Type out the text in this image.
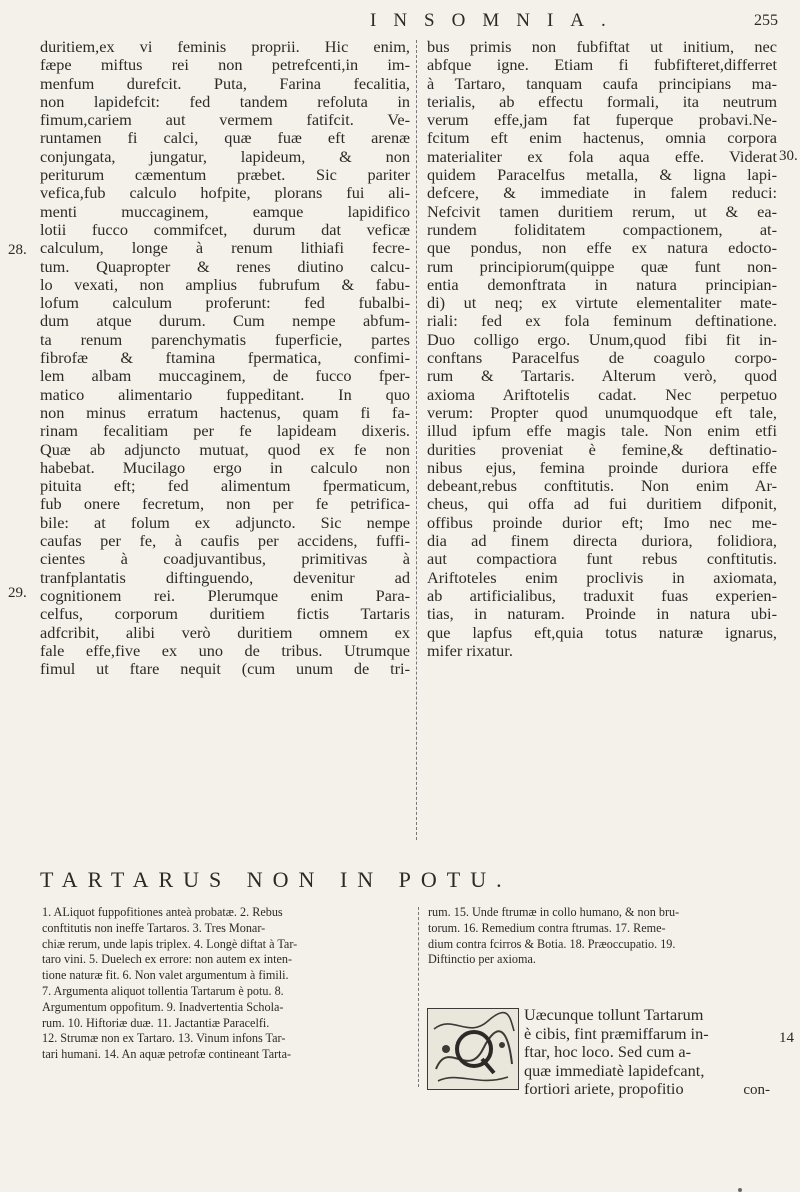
INSOMNIA.	255
duritiem,ex vi feminis proprii. Hic enim,
fæpe miftus rei non petrefcenti,in im-
menfum durefcit. Puta, Farina fecalitia,
non lapidefcit: fed tandem refoluta in
fimum,cariem aut vermem fatifcit. Ve-
runtamen fi calci, quæ fuæ eft arenæ
conjungata, jungatur, lapideum, & non
periturum cæmentum præbet. Sic pariter
vefica,fub calculo hofpite, plorans fui ali-
menti muccaginem, eamque lapidifico
lotii fucco commifcet, durum dat veficæ
calculum, longe à renum lithiafi fecre-
tum. Quapropter & renes diutino calcu-
lo vexati, non amplius fubrufum & fabu-
lofum calculum proferunt: fed fubalbi-
dum atque durum. Cum nempe abfum-
ta renum parenchymatis fuperficie, partes
fibrofæ & ftamina fpermatica, confimi-
lem albam muccaginem, de fucco fper-
matico alimentario fuppeditant. In quo
non minus erratum hactenus, quam fi fa-
rinam fecalitiam per fe lapideam dixeris.
Quæ ab adjuncto mutuat, quod ex fe non
habebat. Mucilago ergo in calculo non
pituita eft; fed alimentum fpermaticum,
fub onere fecretum, non per fe petrifica-
bile: at folum ex adjuncto. Sic nempe
caufas per fe, à caufis per accidens, fuffi-
cientes à coadjuvantibus, primitivas à
tranfplantatis diftinguendo, devenitur ad
cognitionem rei. Plerumque enim Para-
celfus, corporum duritiem fictis Tartaris
adfcribit, alibi verò duritiem omnem ex
fale effe,five ex uno de tribus. Utrumque
fimul ut ftare nequit (cum unum de tri-
bus primis non fubfiftat ut initium, nec
abfque igne. Etiam fi fubfifteret,differret
à Tartaro, tanquam caufa principians ma-
terialis, ab effectu formali, ita neutrum
verum effe,jam fat fuperque probavi.Ne-
fcitum eft enim hactenus, omnia corpora
materialiter ex fola aqua effe. Viderat
quidem Paracelfus metalla, & ligna lapi-
defcere, & immediate in falem reduci:
Nefcivit tamen duritiem rerum, ut & ea-
rundem foliditatem compactionem, at-
que pondus, non effe ex natura edocto-
rum principiorum(quippe quæ funt non-
entia demonftrata in natura principian-
di) ut neq; ex virtute elementaliter mate-
riali: fed ex fola feminum deftinatione.
Duo colligo ergo. Unum,quod fibi fit in-
conftans Paracelfus de coagulo corpo-
rum & Tartaris. Alterum verò, quod
axioma Ariftotelis cadat. Nec perpetuo
verum: Propter quod unumquodque eft tale,
illud ipfum effe magis tale. Non enim etfi
durities proveniat è femine,& deftinatio-
nibus ejus, femina proinde duriora effe
debeant,rebus conftitutis. Non enim Ar-
cheus, qui offa ad fui duritiem difponit,
offibus proinde durior eft; Imo nec me-
dia ad finem directa duriora, folidiora,
aut compactiora funt rebus conftitutis.
Ariftoteles enim proclivis in axiomata,
ab artificialibus, traduxit fuas experien-
tias, in naturam. Proinde in natura ubi-
que lapfus eft,quia totus naturæ ignarus,
mifer rixatur.
28.
29.
30.
TARTARUS NON IN POTU.
1. ALiquot fuppofitiones anteà probatæ. 2. Rebus
conftitutis non ineffe Tartaros. 3. Tres Monar-
chiæ rerum, unde lapis triplex. 4. Longè diftat à Tar-
taro vini. 5. Duelech ex errore: non autem ex inten-
tione naturæ fit. 6. Non valet argumentum à fimili.
7. Argumenta aliquot tollentia Tartarum è potu. 8.
Argumentum oppofitum. 9. Inadvertentia Schola-
rum. 10. Hiftoriæ duæ. 11. Jactantiæ Paracelfi.
12. Strumæ non ex Tartaro. 13. Vinum infons Tar-
tari humani. 14. An aquæ petrofæ contineant Tarta-
rum. 15. Unde ftrumæ in collo humano, & non bru-
torum. 16. Remedium contra ftrumas. 17. Reme-
dium contra fcirros & Botia. 18. Præoccupatio. 19.
Diftinctio per axioma.
Uæcunque tollunt Tartarum
è cibis, fint præmiffarum in-
ftar, hoc loco. Sed cum a-
quæ immediatè lapidefcant,
fortiori ariete, propofitio
14
con-
